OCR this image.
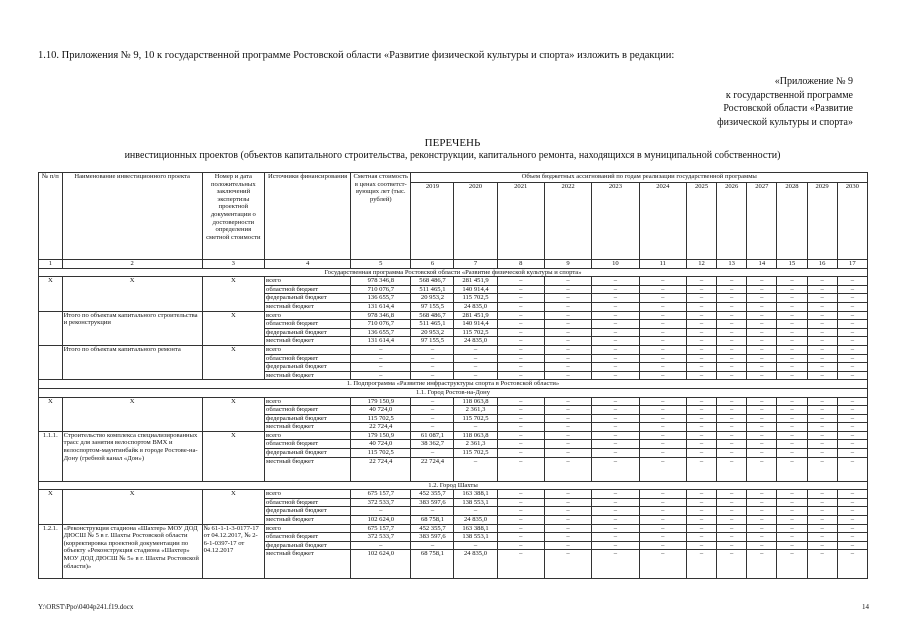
1.10. Приложения № 9, 10 к государственной программе Ростовской области «Развитие физической культуры и спорта» изложить в редакции:
«Приложение № 9
к государственной программе
Ростовской области «Развитие
физической культуры и спорта»
ПЕРЕЧЕНЬ
инвестиционных проектов (объектов капитального строительства, реконструкции, капитального ремонта, находящихся в муниципальной собственности)
№ п/п	Наименование инвестиционного проекта	Номер и дата положительных заключений экспертизы проектной документации о достоверности определения сметной стоимости	Источники финансирования	Сметная стоимость в ценах соответст-вующих лет (тыс. рублей)	Объем бюджетных ассигнований по годам реализации государственной программы											
					2019	2020	2021	2022	2023	2024	2025	2026	2027	2028	2029	2030
1	2	3	4	5	6	7	8	9	10	11	12	13	14	15	16	17
Государственная программа Ростовской области «Развитие физической культуры и спорта»																
Х	Х	Х	всего	978 346,8	568 486,7	281 451,9	–	–	–	–	–	–	–	–	–	–
			областной бюджет	710 076,7	511 465,1	140 914,4	–	–	–	–	–	–	–	–	–	–
			федеральный бюджет	136 655,7	20 953,2	115 702,5	–	–	–	–	–	–	–	–	–	–
			местный бюджет	131 614,4	97 155,5	24 835,0	–	–	–	–	–	–	–	–	–	–
	Итого по объектам капитального строительства и реконструкции	Х	всего	978 346,8	568 486,7	281 451,9	–	–	–	–	–	–	–	–	–	–
			областной бюджет	710 076,7	511 465,1	140 914,4	–	–	–	–	–	–	–	–	–	–
			федеральный бюджет	136 655,7	20 953,2	115 702,5	–	–	–	–	–	–	–	–	–	–
			местный бюджет	131 614,4	97 155,5	24 835,0	–	–	–	–	–	–	–	–	–	–
	Итого по объектам капитального ремонта	Х	всего	–	–	–	–	–	–	–	–	–	–	–	–	–
			областной бюджет	–	–	–	–	–	–	–	–	–	–	–	–	–
			федеральный бюджет	–	–	–	–	–	–	–	–	–	–	–	–	–
			местный бюджет	–	–	–	–	–	–	–	–	–	–	–	–	–
1. Подпрограмма «Развитие инфраструктуры спорта в Ростовской области»																
1.1. Город Ростов-на-Дону																
Х	Х	Х	всего	179 150,9	–	118 063,8	–	–	–	–	–	–	–	–	–	–
			областной бюджет	40 724,0	–	2 361,3	–	–	–	–	–	–	–	–	–	–
			федеральный бюджет	115 702,5	–	115 702,5	–	–	–	–	–	–	–	–	–	–
			местный бюджет	22 724,4	–	–	–	–	–	–	–	–	–	–	–	–
1.1.1.	Строительство комплекса специализированных трасс для занятия велоспортом BMX и велоспортом-маунтинбайк в городе Ростове-на-Дону (гребной канал «Дон»)	Х	всего	179 150,9	61 087,1	118 063,8	–	–	–	–	–	–	–	–	–	–
			областной бюджет	40 724,0	38 362,7	2 361,3	–	–	–	–	–	–	–	–	–	–
			федеральный бюджет	115 702,5	–	115 702,5	–	–	–	–	–	–	–	–	–	–
			местный бюджет	22 724,4	22 724,4	–	–	–	–	–	–	–	–	–	–	–
1.2. Город Шахты																
Х	Х	Х	всего	675 157,7	452 355,7	163 388,1	–	–	–	–	–	–	–	–	–	–
			областной бюджет	372 533,7	383 597,6	138 553,1	–	–	–	–	–	–	–	–	–	–
			федеральный бюджет	–	–	–	–	–	–	–	–	–	–	–	–	–
			местный бюджет	102 624,0	68 758,1	24 835,0	–	–	–	–	–	–	–	–	–	–
1.2.1.	«Реконструкция стадиона «Шахтер» МОУ ДОД ДЮСШ № 5 в г. Шахты Ростовской области (корректировка проектной документации по объекту «Реконструкция стадиона «Шахтер» МОУ ДОД ДЮСШ № 5» в г. Шахты Ростовской области)»	№ 61-1-1-3-0177-17 от 04.12.2017, № 2-6-1-0397-17 от 04.12.2017	всего	675 157,7	452 355,7	163 388,1	–	–	–	–	–	–	–	–	–	–
			областной бюджет	372 533,7	383 597,6	138 553,1	–	–	–	–	–	–	–	–	–	–
			федеральный бюджет	–	–	–	–	–	–	–	–	–	–	–	–	–
			местный бюджет	102 624,0	68 758,1	24 835,0	–	–	–	–	–	–	–	–	–	–
Y:\ORST\Ppo\0404p241.f19.docx	14
